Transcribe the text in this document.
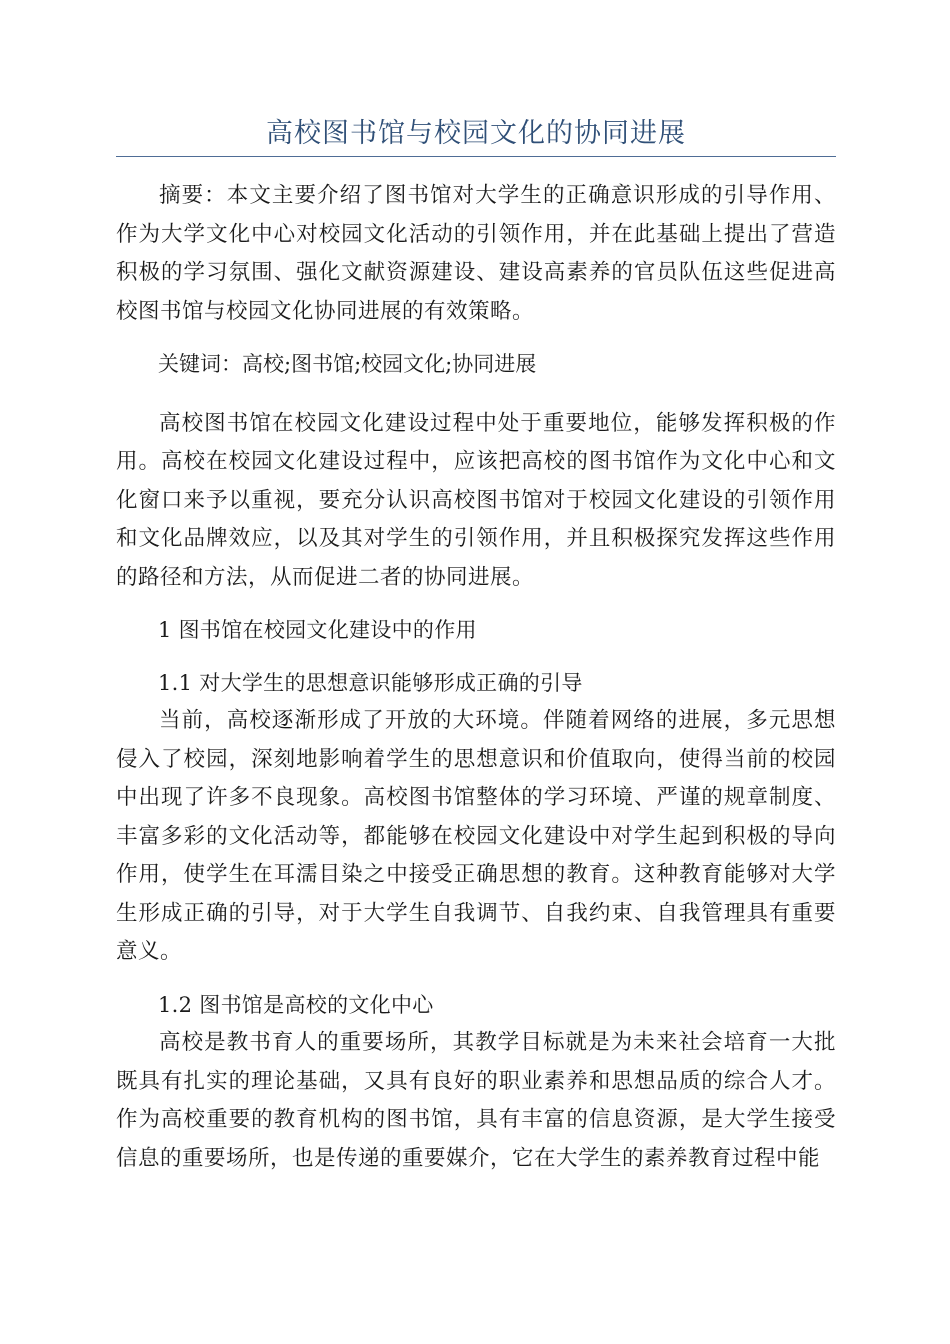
高校图书馆与校园文化的协同进展

摘要：本文主要介绍了图书馆对大学生的正确意识形成的引导作用、作为大学文化中心对校园文化活动的引领作用，并在此基础上提出了营造积极的学习氛围、强化文献资源建设、建设高素养的官员队伍这些促进高校图书馆与校园文化协同进展的有效策略。

关键词：高校;图书馆;校园文化;协同进展

高校图书馆在校园文化建设过程中处于重要地位，能够发挥积极的作用。高校在校园文化建设过程中，应该把高校的图书馆作为文化中心和文化窗口来予以重视，要充分认识高校图书馆对于校园文化建设的引领作用和文化品牌效应，以及其对学生的引领作用，并且积极探究发挥这些作用的路径和方法，从而促进二者的协同进展。

1 图书馆在校园文化建设中的作用

1.1 对大学生的思想意识能够形成正确的引导

当前，高校逐渐形成了开放的大环境。伴随着网络的进展，多元思想侵入了校园，深刻地影响着学生的思想意识和价值取向，使得当前的校园中出现了许多不良现象。高校图书馆整体的学习环境、严谨的规章制度、丰富多彩的文化活动等，都能够在校园文化建设中对学生起到积极的导向作用，使学生在耳濡目染之中接受正确思想的教育。这种教育能够对大学生形成正确的引导，对于大学生自我调节、自我约束、自我管理具有重要意义。

1.2 图书馆是高校的文化中心

高校是教书育人的重要场所，其教学目标就是为未来社会培育一大批既具有扎实的理论基础，又具有良好的职业素养和思想品质的综合人才。作为高校重要的教育机构的图书馆，具有丰富的信息资源，是大学生接受信息的重要场所，也是传递的重要媒介，它在大学生的素养教育过程中能
